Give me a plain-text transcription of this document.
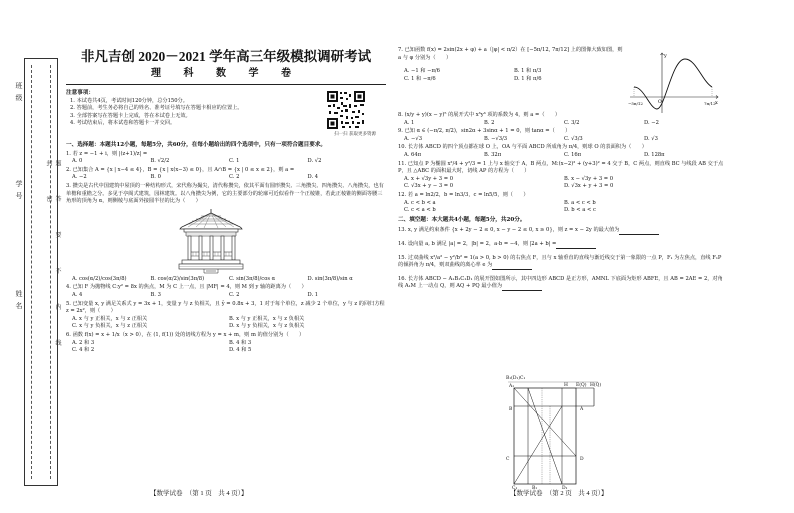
班
级
学
号
姓
名	题 答 要 不 内 线 封 密
非凡吉创 2020－2021 学年高三年级模拟调研考试
理 科 数 学 卷
注意事项：
1. 本试卷共4页，考试时间120分钟，总分150分。
2. 答题前，考生务必将自己的姓名、准考证号填写在答题卡相应的位置上。
3. 全部答案写在答题卡上完成，答在本试卷上无效。
4. 考试结束后，将本试卷和答题卡一并交回。
扫一扫 获取更多资源
一、选择题：本题共12小题，每题5分，共60分，在每小题给出的四个选项中，只有一项符合题目要求。
1. 若 z = −1 + i，则 |(z+1)/z| =
A. 0	B. √2/2	C. 1	D. √2
2. 已知集合 A = {x | x−4 ≤ 4}，B = {x | x(x−3) ≤ 0}，且 A∩B = {x | 0 ≤ x ≤ 2}，则 a =
A. −2	B. 0	C. 2	D. 4
3. 攒尖是古代中国建筑中屋顶的一种结构形式，宋代称为撮尖，清代称攒尖，依其平面有圆形攒尖、三角攒尖、四角攒尖、八角攒尖，也有单檐和重檐之分。多见于亭阁式建筑，园林建筑。以八角攒尖为例，它的主要部分的轮廓可近似看作一个正棱锥，若此正棱锥的侧面等腰三角形的顶角为 α，则侧棱与底面外接圆半径的比为（　　）
A. cos(α/2)/cos(3π/8)	B. cos(α/2)/sin(3π/8)	C. sin(3π/8)/cos α	D. sin(3π/8)/sin α
4. 已知 F 为抛物线 C:y² = 8x 的焦点，M 为 C 上一点，且 |MF| = 4，则 M 到 y 轴的距离为（　　）
A. 4	B. 3	C. 2	D. 1
5. 已知变量 x, y 满足关系式 y = 3x + 1，变量 y 与 z 负相关，且 ŷ = 0.8x + 3，1 对于每个单位，z 减少 2 个单位，y 与 z 的回归方程 z = 2x²，则（　　）
A. x 与 y 正相关，x 与 z 正相关	B. x 与 y 正相关，x 与 z 负相关
C. x 与 y 负相关，x 与 z 正相关	D. x 与 y 负相关，x 与 z 负相关
6. 函数 f(x) = x + 1/x（x > 0），在 (1, f(1)) 处的切线方程为 y = x + m，则 m 的值分别为（　　）
A. 2 和 3	B. 4 和 3
C. 4 和 2	D. 4 和 5
【数学试卷　（第 1 页　共 4 页）】
7. 已知函数 f(x) = 2sin(2x + φ) + a（|φ| < π/2）在 [−5π/12, 7π/12] 上的图像大致如图，则 a 与 φ 分别为（　　）
A. −1 和 −π/6	B. 1 和 π/3
C. 1 和 −π/6	D. 1 和 π/6
y
x
O
−5π/12	7π/12
8. (x/y + y)(x − y)⁵ 的展开式中 x³y³ 项的系数为 4，则 a =（　　）
A. 1	B. 2	C. 3/2	D. −2
9. 已知 α ∈ (−π/2, π/2)，sin2α + 3sinα + 1 = 0，则 tanα =（　　）
A. −√3	B. −√3/3	C. √3/3	D. √3
10. 长方体 ABCD 的四个顶点都在球 O 上，OA 与平面 ABCD 所成角为 π/4，则球 O 的表面积为（　　）
A. 64π	B. 32π	C. 16π	D. 128π
11. 已知点 P 为椭圆 x²/4 + y²/3 = 1 上与 x 轴交于 A，B 两点，M:(x−2)² + (y+3)² = 4 交于 B，C 两点，则直线 BC 与线段 AB 交于点 P，且 △ABC 的面积最大时，切线 AP 的方程为（　　）
A. x + √3y + 3 = 0	B. x − √3y + 3 = 0
C. √3x + y − 3 = 0	D. √3x + y + 3 = 0
12. 若 a = ln2/2，b = ln3/3，c = ln5/5，则（　　）
A. c < b < a	B. a < c < b
C. c < a < b	D. b < a < c
二、填空题：本大题共4小题，每题5分，共20分。
13. x, y 满足约束条件 {x + 2y − 2 ≤ 0, x − y − 2 ≤ 0, x ≥ 0}，则 z = x − 2y 的最大值为
14. 设向量 a, b 满足 |a| = 2，|b| = 2，a·b = −4，则 |2a + b| =
15. 过双曲线 x²/a² − y²/b² = 1(a > 0, b > 0) 的右焦点 F，且与 x 轴垂直的直线与渐近线交于第一象限的一点 P，F₁ 为左焦点，直线 F₁P 的倾斜角为 π/4，则双曲线的离心率 e 为
16. 长方体 ABCD − A₁B₁C₁D₁ 的展开图如图所示，其中四边形 ABCD 是正方形，AMNL 下底面为矩形 ABFE，且 AB = 2AE = 2，对角线 A₁M 上一动点 Q，则 AQ + PQ 最小值为
B₁(D₁)C₁
A₁	H E(Q) H(Q)
B	A
C	D
C₁	B₁	D₁
【数学试卷　（第 2 页　共 4 页）】
